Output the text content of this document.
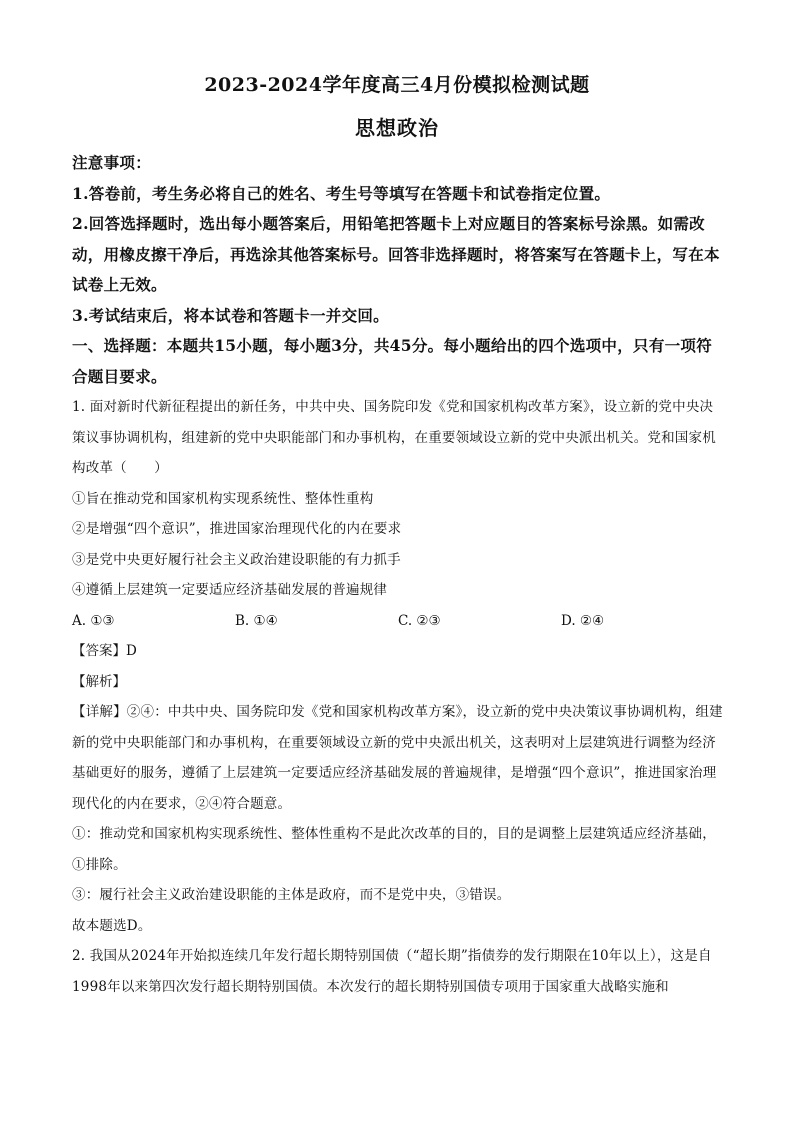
2023-2024学年度高三4月份模拟检测试题
思想政治

注意事项：

1.答卷前，考生务必将自己的姓名、考生号等填写在答题卡和试卷指定位置。

2.回答选择题时，选出每小题答案后，用铅笔把答题卡上对应题目的答案标号涂黑。如需改动，用橡皮擦干净后，再选涂其他答案标号。回答非选择题时，将答案写在答题卡上，写在本试卷上无效。

3.考试结束后，将本试卷和答题卡一并交回。

一、选择题：本题共15小题，每小题3分，共45分。每小题给出的四个选项中，只有一项符合题目要求。

1. 面对新时代新征程提出的新任务，中共中央、国务院印发《党和国家机构改革方案》，设立新的党中央决策议事协调机构，组建新的党中央职能部门和办事机构，在重要领域设立新的党中央派出机关。党和国家机构改革（　　）

①旨在推动党和国家机构实现系统性、整体性重构

②是增强“四个意识”，推进国家治理现代化的内在要求

③是党中央更好履行社会主义政治建设职能的有力抓手

④遵循上层建筑一定要适应经济基础发展的普遍规律

A. ①③	B. ①④	C. ②③	D. ②④

【答案】D

【解析】

【详解】②④：中共中央、国务院印发《党和国家机构改革方案》，设立新的党中央决策议事协调机构，组建新的党中央职能部门和办事机构，在重要领域设立新的党中央派出机关，这表明对上层建筑进行调整为经济基础更好的服务，遵循了上层建筑一定要适应经济基础发展的普遍规律，是增强“四个意识”，推进国家治理现代化的内在要求，②④符合题意。

①：推动党和国家机构实现系统性、整体性重构不是此次改革的目的，目的是调整上层建筑适应经济基础，①排除。

③：履行社会主义政治建设职能的主体是政府，而不是党中央，③错误。

故本题选D。

2. 我国从2024年开始拟连续几年发行超长期特别国债（“超长期”指债券的发行期限在10年以上），这是自1998年以来第四次发行超长期特别国债。本次发行的超长期特别国债专项用于国家重大战略实施和
